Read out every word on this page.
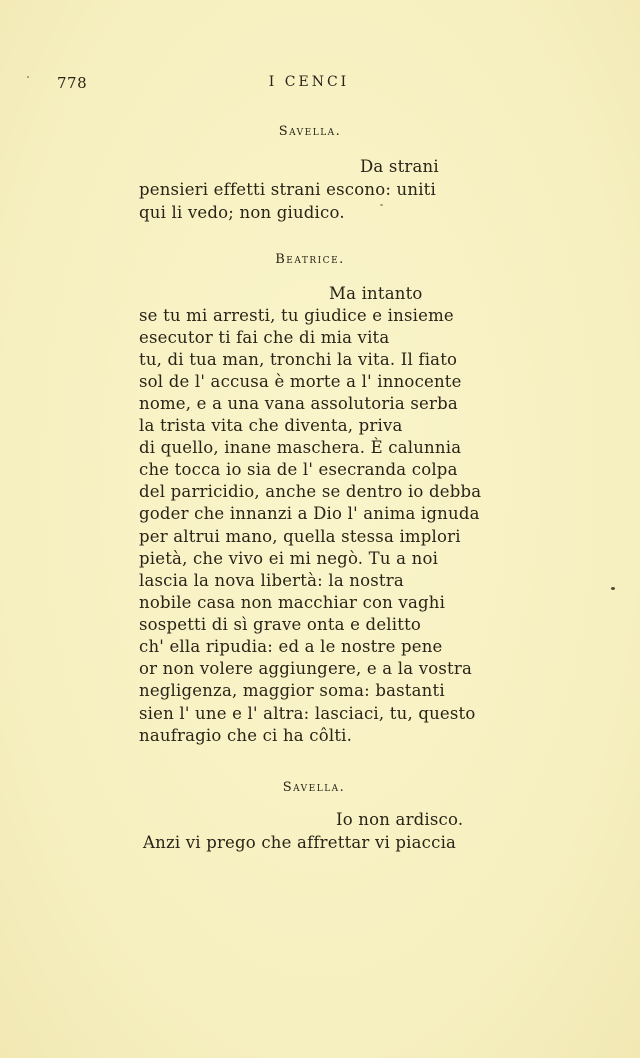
778	I CENCI
Savella.
Da strani
pensieri effetti strani escono: uniti
qui li vedo; non giudico.
Beatrice.
Ma intanto
se tu mi arresti, tu giudice e insieme
esecutor ti fai che di mia vita
tu, di tua man, tronchi la vita. Il fiato
sol de l' accusa è morte a l' innocente
nome, e a una vana assolutoria serba
la trista vita che diventa, priva
di quello, inane maschera. È calunnia
che tocca io sia de l' esecranda colpa
del parricidio, anche se dentro io debba
goder che innanzi a Dio l' anima ignuda
per altrui mano, quella stessa implori
pietà, che vivo ei mi negò. Tu a noi
lascia la nova libertà: la nostra
nobile casa non macchiar con vaghi
sospetti di sì grave onta e delitto
ch' ella ripudia: ed a le nostre pene
or non volere aggiungere, e a la vostra
negligenza, maggior soma: bastanti
sien l' une e l' altra: lasciaci, tu, questo
naufragio che ci ha côlti.
Savella.
Io non ardisco.
Anzi vi prego che affrettar vi piaccia
